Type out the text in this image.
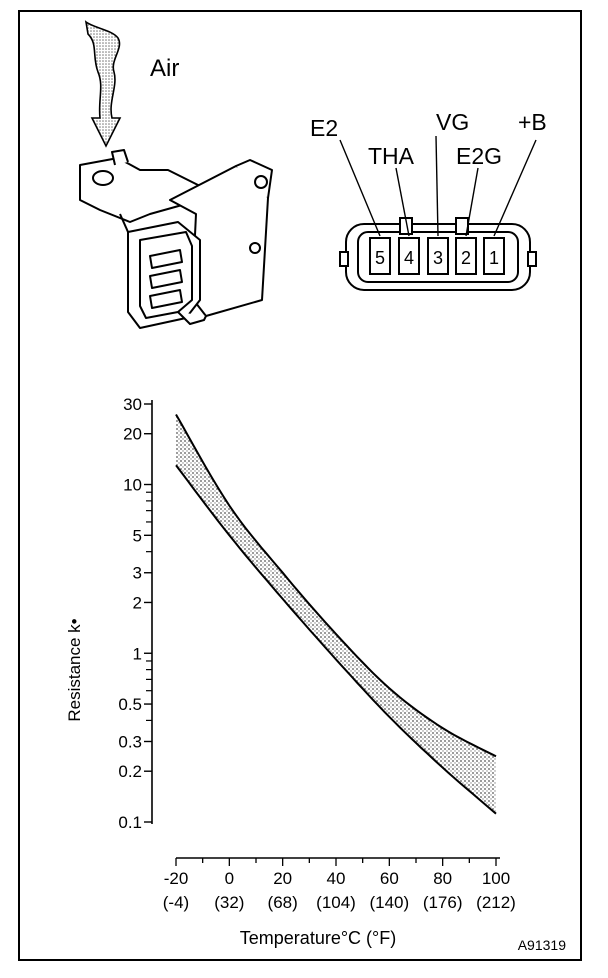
Air
5 4 3 2 1
E2
THA
VG
E2G
+B
30
20
10
5
3
2
1
0.5
0.3
0.2
0.1
-20
(-4)
0
(32)
20
(68)
40
(104)
60
(140)
80
(176)
100
(212)
Resistance k•
Temperature°C (°F)	A91319
